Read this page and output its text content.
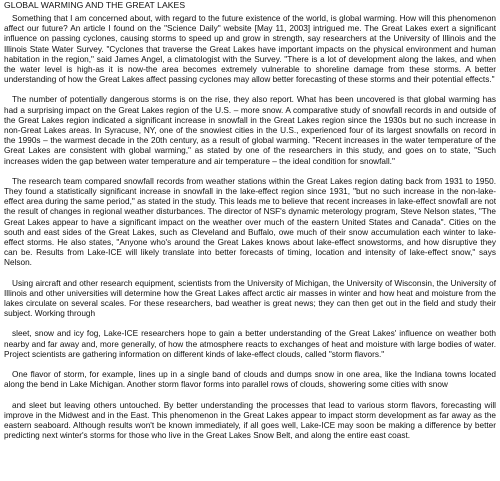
GLOBAL WARMING AND THE GREAT LAKES

Something that I am concerned about, with regard to the future existence of the world, is global warming. How will this phenomenon affect our future? An article I found on the "Science Daily" website [May 11, 2003] intrigued me. The Great Lakes exert a significant influence on passing cyclones, causing storms to speed up and grow in strength, say researchers at the University of Illinois and the Illinois State Water Survey. "Cyclones that traverse the Great Lakes have important impacts on the physical environment and human habitation in the region," said James Angel, a climatologist with the Survey. "There is a lot of development along the lakes, and when the water level is high-as it is now-the area becomes extremely vulnerable to shoreline damage from these storms. A better understanding of how the Great Lakes affect passing cyclones may allow better forecasting of these storms and their potential effects."

The number of potentially dangerous storms is on the rise, they also report. What has been uncovered is that global warming has had a surprising impact on the Great Lakes region of the U.S. – more snow. A comparative study of snowfall records in and outside of the Great Lakes region indicated a significant increase in snowfall in the Great Lakes region since the 1930s but no such increase in non-Great Lakes areas. In Syracuse, NY, one of the snowiest cities in the U.S., experienced four of its largest snowfalls on record in the 1990s – the warmest decade in the 20th century, as a result of global warming. "Recent increases in the water temperature of the Great Lakes are consistent with global warming," as stated by one of the researchers in this study, and goes on to state, "Such increases widen the gap between water temperature and air temperature – the ideal condition for snowfall."

The research team compared snowfall records from weather stations within the Great Lakes region dating back from 1931 to 1950. They found a statistically significant increase in snowfall in the lake-effect region since 1931, "but no such increase in the non-lake-effect area during the same period," as stated in the study. This leads me to believe that recent increases in lake-effect snowfall are not the result of changes in regional weather disturbances. The director of NSF's dynamic meterology program, Steve Nelson states, "The Great Lakes appear to have a significant impact on the weather over much of the eastern United States and Canada". Cities on the south and east sides of the Great Lakes, such as Cleveland and Buffalo, owe much of their snow accumulation each winter to lake-effect storms. He also states, "Anyone who's around the Great Lakes knows about lake-effect snowstorms, and how disruptive they can be. Results from Lake-ICE will likely translate into better forecasts of timing, location and intensity of lake-effect snow," says Nelson.

Using aircraft and other research equipment, scientists from the University of Michigan, the University of Wisconsin, the University of Illinois and other universities will determine how the Great Lakes affect arctic air masses in winter and how heat and moisture from the lakes circulate on several scales. For these researchers, bad weather is great news; they can then get out in the field and study their subject. Working through

sleet, snow and icy fog, Lake-ICE researchers hope to gain a better understanding of the Great Lakes' influence on weather both nearby and far away and, more generally, of how the atmosphere reacts to exchanges of heat and moisture with large bodies of water. Project scientists are gathering information on different kinds of lake-effect clouds, called "storm flavors."

One flavor of storm, for example, lines up in a single band of clouds and dumps snow in one area, like the Indiana towns located along the bend in Lake Michigan. Another storm flavor forms into parallel rows of clouds, showering some cities with snow

and sleet but leaving others untouched. By better understanding the processes that lead to various storm flavors, forecasting will improve in the Midwest and in the East. This phenomenon in the Great Lakes appear to impact storm development as far away as the eastern seaboard. Although results won't be known immediately, if all goes well, Lake-ICE may soon be making a difference by better predicting next winter's storms for those who live in the Great Lakes Snow Belt, and along the entire east coast.
